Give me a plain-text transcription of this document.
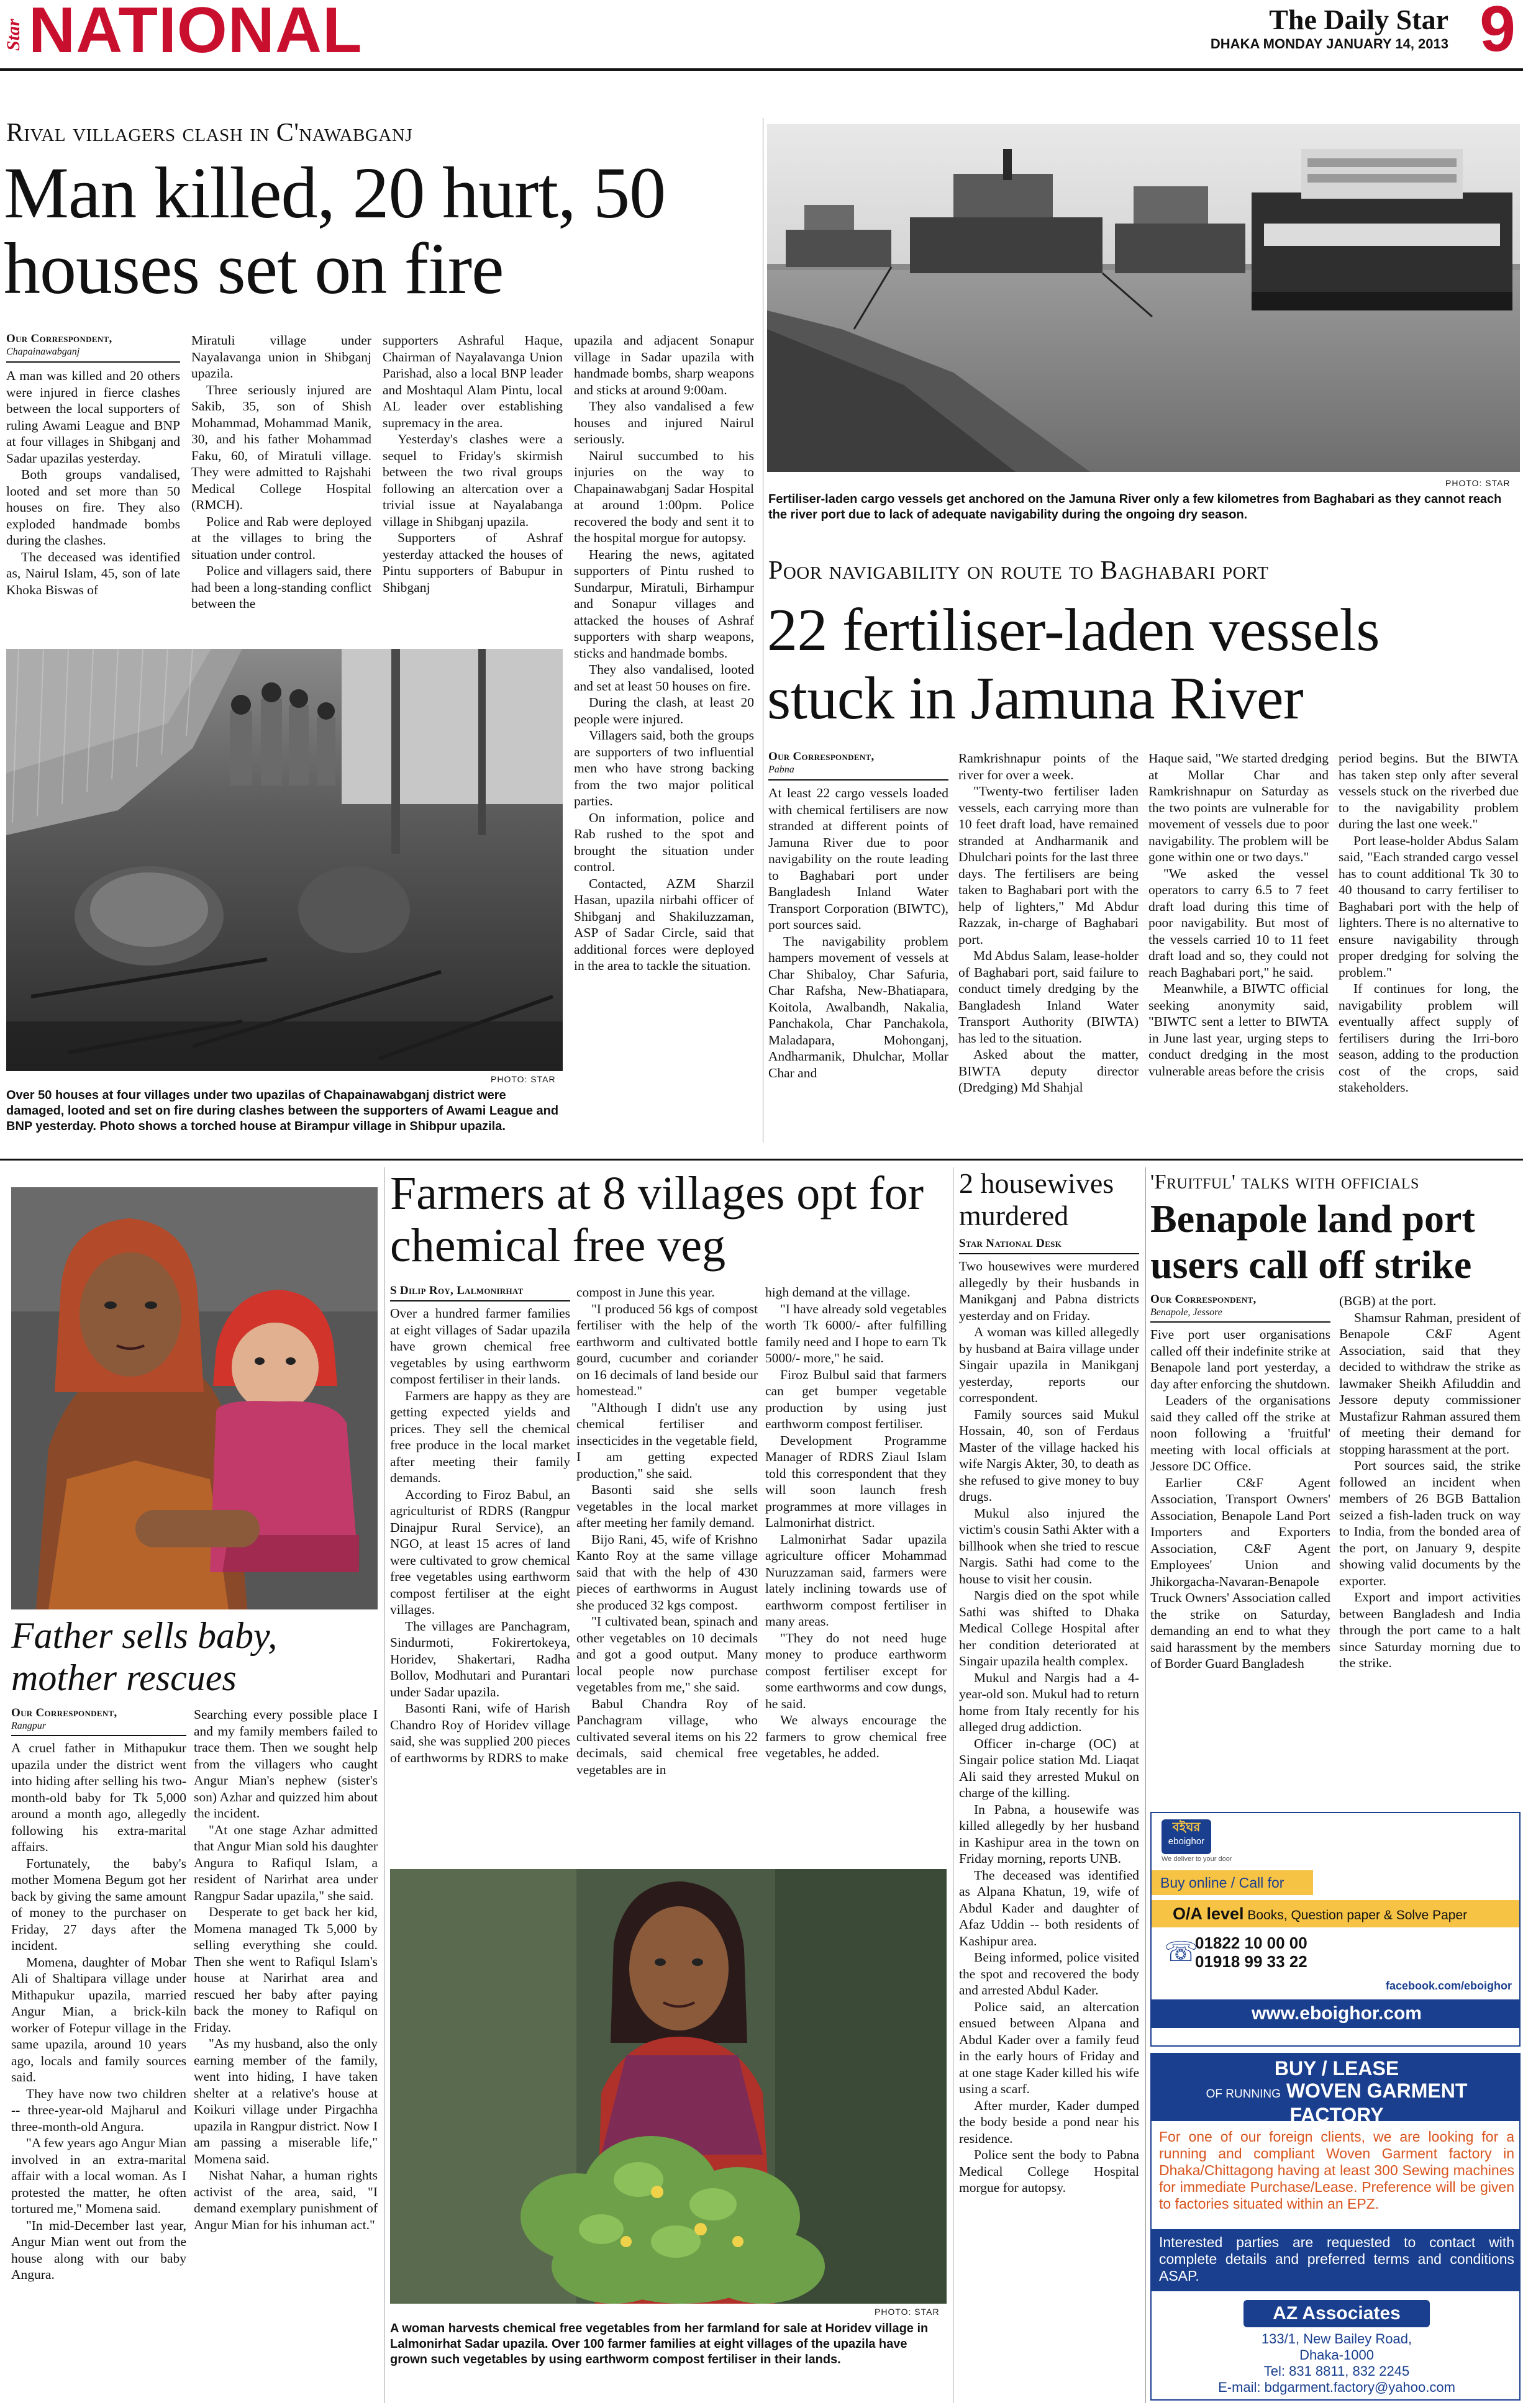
Star NATIONAL	The Daily Star
DHAKA MONDAY JANUARY 14, 2013 9
Rival villagers clash in C'nawabganj
Man killed, 20 hurt, 50 houses set on fire
Our Correspondent,
Chapainawabganj

A man was killed and 20 others were injured in fierce clashes between the local supporters of ruling Awami League and BNP at four villages in Shibganj and Sadar upazilas yesterday.

Both groups vandalised, looted and set more than 50 houses on fire. They also exploded handmade bombs during the clashes.

The deceased was identified as, Nairul Islam, 45, son of late Khoka Biswas of

Miratuli village under Nayalavanga union in Shibganj upazila.

Three seriously injured are Sakib, 35, son of Shish Mohammad, Mohammad Manik, 30, and his father Mohammad Faku, 60, of Miratuli village. They were admitted to Rajshahi Medical College Hospital (RMCH).

Police and Rab were deployed at the villages to bring the situation under control.

Police and villagers said, there had been a long-standing conflict between the

supporters Ashraful Haque, Chairman of Nayalavanga Union Parishad, also a local BNP leader and Moshtaqul Alam Pintu, local AL leader over establishing supremacy in the area.

Yesterday's clashes were a sequel to Friday's skirmish between the two rival groups following an altercation over a trivial issue at Nayalabanga village in Shibganj upazila.

Supporters of Ashraf yesterday attacked the houses of Pintu supporters of Babupur in Shibganj

upazila and adjacent Sonapur village in Sadar upazila with handmade bombs, sharp weapons and sticks at around 9:00am.

They also vandalised a few houses and injured Nairul seriously.

Nairul succumbed to his injuries on the way to Chapainawabganj Sadar Hospital at around 1:00pm. Police recovered the body and sent it to the hospital morgue for autopsy.

Hearing the news, agitated supporters of Pintu rushed to Sundarpur, Miratuli, Birhampur and Sonapur villages and attacked the houses of Ashraf supporters with sharp weapons, sticks and handmade bombs.

They also vandalised, looted and set at least 50 houses on fire.

During the clash, at least 20 people were injured.

Villagers said, both the groups are supporters of two influential men who have strong backing from the two major political parties.

On information, police and Rab rushed to the spot and brought the situation under control.

Contacted, AZM Sharzil Hasan, upazila nirbahi officer of Shibganj and Shakiluzzaman, ASP of Sadar Circle, said that additional forces were deployed in the area to tackle the situation.

PHOTO: STAR
Over 50 houses at four villages under two upazilas of Chapainawabganj district were damaged, looted and set on fire during clashes between the supporters of Awami League and BNP yesterday. Photo shows a torched house at Birampur village in Shibpur upazila.
PHOTO: STAR
Fertiliser-laden cargo vessels get anchored on the Jamuna River only a few kilometres from Baghabari as they cannot reach the river port due to lack of adequate navigability during the ongoing dry season.
Poor navigability on route to Baghabari port
22 fertiliser-laden vessels stuck in Jamuna River
Our Correspondent,
Pabna

At least 22 cargo vessels loaded with chemical fertilisers are now stranded at different points of Jamuna River due to poor navigability on the route leading to Baghabari port under Bangladesh Inland Water Transport Corporation (BIWTC), port sources said.

The navigability problem hampers movement of vessels at Char Shibaloy, Char Safuria, Char Rafsha, New-Bhatiapara, Koitola, Awalbandh, Nakalia, Panchakola, Char Panchakola, Maladapara, Mohonganj, Andharmanik, Dhulchar, Mollar Char and

Ramkrishnapur points of the river for over a week.

"Twenty-two fertiliser laden vessels, each carrying more than 10 feet draft load, have remained stranded at Andharmanik and Dhulchari points for the last three days. The fertilisers are being taken to Baghabari port with the help of lighters," Md Abdur Razzak, in-charge of Baghabari port.

Md Abdus Salam, lease-holder of Baghabari port, said failure to conduct timely dredging by the Bangladesh Inland Water Transport Authority (BIWTA) has led to the situation.

Asked about the matter, BIWTA deputy director (Dredging) Md Shahjal

Haque said, "We started dredging at Mollar Char and Ramkrishnapur on Saturday as the two points are vulnerable for movement of vessels due to poor navigability. The problem will be gone within one or two days."

"We asked the vessel operators to carry 6.5 to 7 feet draft load during this time of poor navigability. But most of the vessels carried 10 to 11 feet draft load and so, they could not reach Baghabari port," he said.

Meanwhile, a BIWTC official seeking anonymity said, "BIWTC sent a letter to BIWTA in June last year, urging steps to conduct dredging in the most vulnerable areas before the crisis

period begins. But the BIWTA has taken step only after several vessels stuck on the riverbed due to the navigability problem during the last one week."

Port lease-holder Abdus Salam said, "Each stranded cargo vessel has to count additional Tk 30 to 40 thousand to carry fertiliser to Baghabari port with the help of lighters. There is no alternative to ensure navigability through proper dredging for solving the problem."

If continues for long, the navigability problem will eventually affect supply of fertilisers during the Irri-boro season, adding to the production cost of the crops, said stakeholders.

Father sells baby, mother rescues
Our Correspondent,
Rangpur

A cruel father in Mithapukur upazila under the district went into hiding after selling his two-month-old baby for Tk 5,000 around a month ago, allegedly following his extra-marital affairs.

Fortunately, the baby's mother Momena Begum got her back by giving the same amount of money to the purchaser on Friday, 27 days after the incident.

Momena, daughter of Mobar Ali of Shaltipara village under Mithapukur upazila, married Angur Mian, a brick-kiln worker of Fotepur village in the same upazila, around 10 years ago, locals and family sources said.

They have now two children -- three-year-old Majharul and three-month-old Angura.

"A few years ago Angur Mian involved in an extra-marital affair with a local woman. As I protested the matter, he often tortured me," Momena said.

"In mid-December last year, Angur Mian went out from the house along with our baby Angura.

Searching every possible place I and my family members failed to trace them. Then we sought help from the villagers who caught Angur Mian's nephew (sister's son) Azhar and quizzed him about the incident.

"At one stage Azhar admitted that Angur Mian sold his daughter Angura to Rafiqul Islam, a resident of Narirhat area under Rangpur Sadar upazila," she said.

Desperate to get back her kid, Momena managed Tk 5,000 by selling everything she could. Then she went to Rafiqul Islam's house at Narirhat area and rescued her baby after paying back the money to Rafiqul on Friday.

"As my husband, also the only earning member of the family, went into hiding, I have taken shelter at a relative's house at Koikuri village under Pirgachha upazila in Rangpur district. Now I am passing a miserable life," Momena said.

Nishat Nahar, a human rights activist of the area, said, "I demand exemplary punishment of Angur Mian for his inhuman act."

Farmers at 8 villages opt for chemical free veg
S Dilip Roy, Lalmonirhat

Over a hundred farmer families at eight villages of Sadar upazila have grown chemical free vegetables by using earthworm compost fertiliser in their lands.

Farmers are happy as they are getting expected yields and prices. They sell the chemical free produce in the local market after meeting their family demands.

According to Firoz Babul, an agriculturist of RDRS (Rangpur Dinajpur Rural Service), an NGO, at least 15 acres of land were cultivated to grow chemical free vegetables using earthworm compost fertiliser at the eight villages.

The villages are Panchagram, Sindurmoti, Fokirertokeya, Horidev, Shakertari, Radha Bollov, Modhutari and Purantari under Sadar upazila.

Basonti Rani, wife of Harish Chandro Roy of Horidev village said, she was supplied 200 pieces of earthworms by RDRS to make

compost in June this year.

"I produced 56 kgs of compost fertiliser with the help of the earthworm and cultivated bottle gourd, cucumber and coriander on 16 decimals of land beside our homestead."

"Although I didn't use any chemical fertiliser and insecticides in the vegetable field, I am getting expected production," she said.

Basonti said she sells vegetables in the local market after meeting her family demand.

Bijo Rani, 45, wife of Krishno Kanto Roy at the same village said that with the help of 430 pieces of earthworms in August she produced 32 kgs compost.

"I cultivated bean, spinach and other vegetables on 10 decimals and got a good output. Many local people now purchase vegetables from me," she said.

Babul Chandra Roy of Panchagram village, who cultivated several items on his 22 decimals, said chemical free vegetables are in

high demand at the village.

"I have already sold vegetables worth Tk 6000/- after fulfilling family need and I hope to earn Tk 5000/- more," he said.

Firoz Bulbul said that farmers can get bumper vegetable production by using just earthworm compost fertiliser.

Development Programme Manager of RDRS Ziaul Islam told this correspondent that they will soon launch fresh programmes at more villages in Lalmonirhat district.

Lalmonirhat Sadar upazila agriculture officer Mohammad Nuruzzaman said, farmers were lately inclining towards use of earthworm compost fertiliser in many areas.

"They do not need huge money to produce earthworm compost fertiliser except for some earthworms and cow dungs, he said.

We always encourage the farmers to grow chemical free vegetables, he added.

PHOTO: STAR
A woman harvests chemical free vegetables from her farmland for sale at Horidev village in Lalmonirhat Sadar upazila. Over 100 farmer families at eight villages of the upazila have grown such vegetables by using earthworm compost fertiliser in their lands.
2 housewives murdered
Star National Desk

Two housewives were murdered allegedly by their husbands in Manikganj and Pabna districts yesterday and on Friday.

A woman was killed allegedly by husband at Baira village under Singair upazila in Manikganj yesterday, reports our correspondent.

Family sources said Mukul Hossain, 40, son of Ferdaus Master of the village hacked his wife Nargis Akter, 30, to death as she refused to give money to buy drugs.

Mukul also injured the victim's cousin Sathi Akter with a billhook when she tried to rescue Nargis. Sathi had come to the house to visit her cousin.

Nargis died on the spot while Sathi was shifted to Dhaka Medical College Hospital after her condition deteriorated at Singair upazila health complex.

Mukul and Nargis had a 4-year-old son. Mukul had to return home from Italy recently for his alleged drug addiction.

Officer in-charge (OC) at Singair police station Md. Liaqat Ali said they arrested Mukul on charge of the killing.

In Pabna, a housewife was killed allegedly by her husband in Kashipur area in the town on Friday morning, reports UNB.

The deceased was identified as Alpana Khatun, 19, wife of Abdul Kader and daughter of Afaz Uddin -- both residents of Kashipur area.

Being informed, police visited the spot and recovered the body and arrested Abdul Kader.

Police said, an altercation ensued between Alpana and Abdul Kader over a family feud in the early hours of Friday and at one stage Kader killed his wife using a scarf.

After murder, Kader dumped the body beside a pond near his residence.

Police sent the body to Pabna Medical College Hospital morgue for autopsy.

'Fruitful' talks with officials
Benapole land port users call off strike
Our Correspondent,
Benapole, Jessore

Five port user organisations called off their indefinite strike at Benapole land port yesterday, a day after enforcing the shutdown.

Leaders of the organisations said they called off the strike at noon following a 'fruitful' meeting with local officials at Jessore DC Office.

Earlier C&F Agent Association, Transport Owners' Association, Benapole Land Port Importers and Exporters Association, C&F Agent Employees' Union and Jhikorgacha-Navaran-Benapole Truck Owners' Association called the strike on Saturday, demanding an end to what they said harassment by the members of Border Guard Bangladesh

(BGB) at the port.

Shamsur Rahman, president of Benapole C&F Agent Association, said that they decided to withdraw the strike as lawmaker Sheikh Afiluddin and Jessore deputy commissioner Mustafizur Rahman assured them of meeting their demand for stopping harassment at the port.

Port sources said, the strike followed an incident when members of 26 BGB Battalion seized a fish-laden truck on way to India, from the bonded area of the port, on January 9, despite showing valid documents by the exporter.

Export and import activities between Bangladesh and India through the port came to a halt since Saturday morning due to the strike.

বইঘর
eboighor
We deliver to your door
Buy online / Call for
O/A level Books, Question paper & Solve Paper
☏
01822 10 00 00
01918 99 33 22
facebook.com/eboighor
www.eboighor.com
BUY / LEASE
OF RUNNING WOVEN GARMENT
FACTORY
For one of our foreign clients, we are looking for a running and compliant Woven Garment factory in Dhaka/Chittagong having at least 300 Sewing machines for immediate Purchase/Lease. Preference will be given to factories situated within an EPZ.
Interested parties are requested to contact with complete details and preferred terms and conditions ASAP.
AZ Associates
133/1, New Bailey Road,
Dhaka-1000
Tel: 831 8811, 832 2245
E-mail: bdgarment.factory@yahoo.com
